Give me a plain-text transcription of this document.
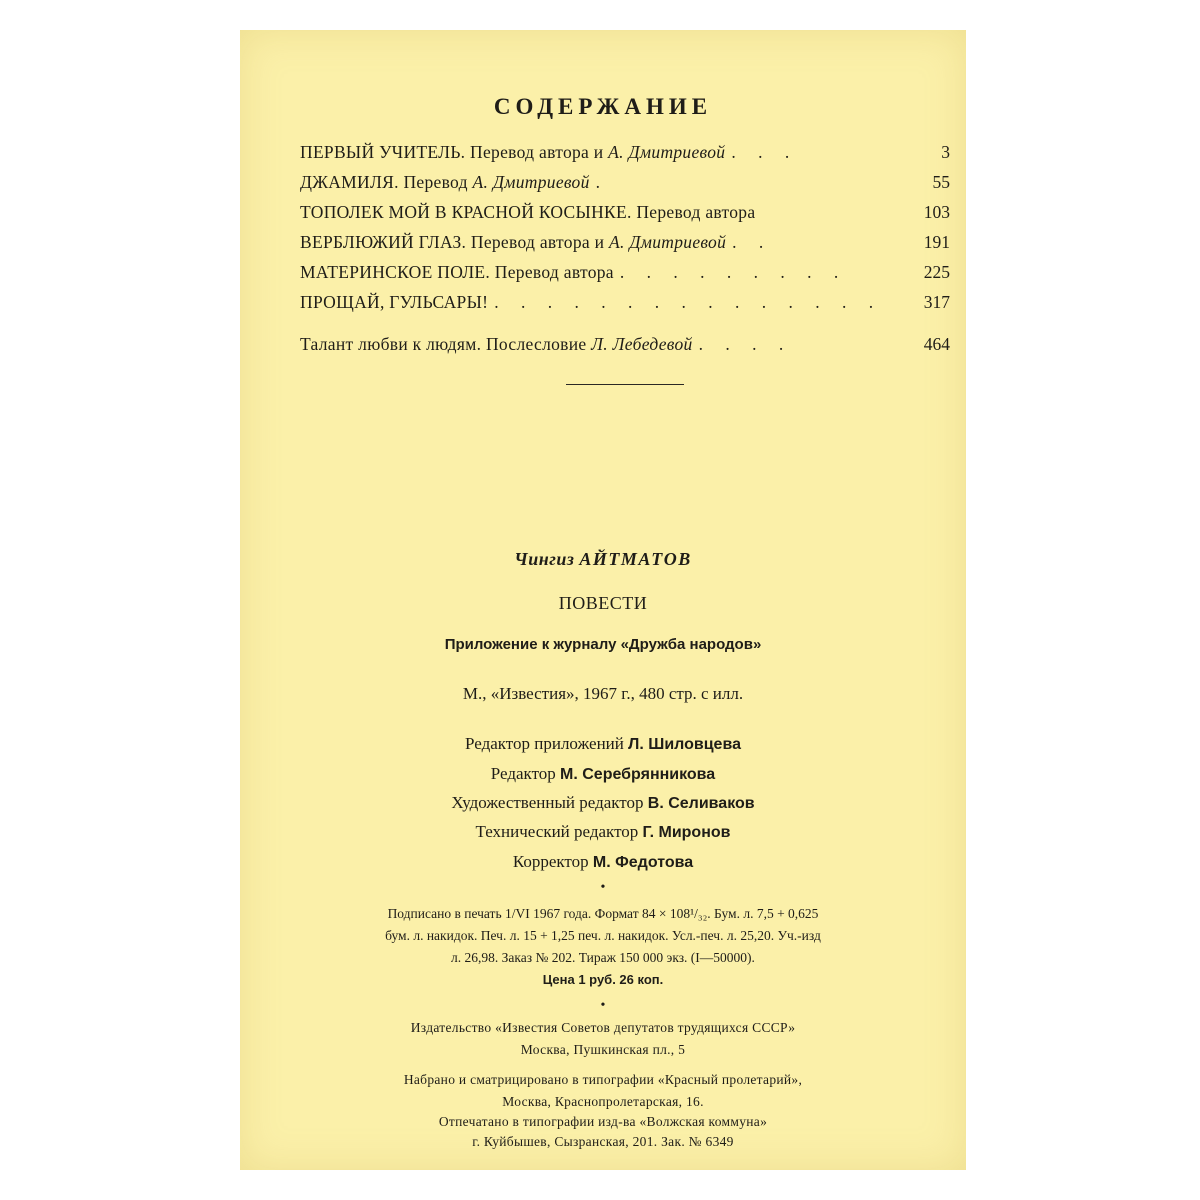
СОДЕРЖАНИЕ
ПЕРВЫЙ УЧИТЕЛЬ. Перевод автора и А. Дмитриевой . . .	3
ДЖАМИЛЯ. Перевод А. Дмитриевой .	55
ТОПОЛЕК МОЙ В КРАСНОЙ КОСЫНКЕ. Перевод автора	103
ВЕРБЛЮЖИЙ ГЛАЗ. Перевод автора и А. Дмитриевой . .	191
МАТЕРИНСКОЕ ПОЛЕ. Перевод автора . . . . . . . . .	225
ПРОЩАЙ, ГУЛЬСАРЫ! . . . . . . . . . . . . . . .	317
Талант любви к людям. Послесловие Л. Лебедевой . . . .	464
Чингиз АЙТМАТОВ
ПОВЕСТИ
Приложение к журналу «Дружба народов»
М., «Известия», 1967 г., 480 стр. с илл.
Редактор приложений Л. Шиловцева
Редактор М. Серебрянникова
Художественный редактор В. Селиваков
Технический редактор Г. Миронов
Корректор М. Федотова
•
Подписано в печать 1/VI 1967 года. Формат 84 × 108¹/₃₂. Бум. л. 7,5 + 0,625
бум. л. накидок. Печ. л. 15 + 1,25 печ. л. накидок. Усл.-печ. л. 25,20. Уч.-изд
л. 26,98. Заказ № 202. Тираж 150 000 экз. (I—50000).
Цена 1 руб. 26 коп.
•
Издательство «Известия Советов депутатов трудящихся СССР»
Москва, Пушкинская пл., 5
Набрано и сматрицировано в типографии «Красный пролетарий»,
Москва, Краснопролетарская, 16.
Отпечатано в типографии изд-ва «Волжская коммуна»
г. Куйбышев, Сызранская, 201. Зак. № 6349
